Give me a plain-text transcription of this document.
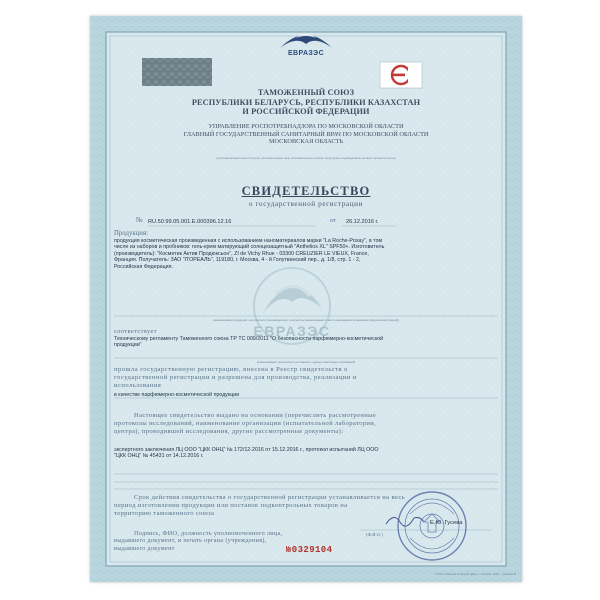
ЕВРАЗЭС
ЕВРАЗЭС
ТАМОЖЕННЫЙ СОЮЗ
РЕСПУБЛИКИ БЕЛАРУСЬ, РЕСПУБЛИКИ КАЗАХСТАН
И РОССИЙСКОЙ ФЕДЕРАЦИИ
УПРАВЛЕНИЕ РОСПОТРЕБНАДЗОРА ПО МОСКОВСКОЙ ОБЛАСТИ
ГЛАВНЫЙ ГОСУДАРСТВЕННЫЙ САНИТАРНЫЙ ВРАЧ ПО МОСКОВСКОЙ ОБЛАСТИ
МОСКОВСКАЯ ОБЛАСТЬ
(уполномоченный орган Стороны, уполномоченное лицо уполномоченного органа, структурное подразделение органа и органа Стороны)
СВИДЕТЕЛЬСТВО
о государственной регистрации
№ RU.50.99.05.001.E.000396.12.16	от 26.12.2016 г.
Продукция:
продукция косметическая произведенная с использованием наноматериалов марки "La Roche-Posay", в том
числе из наборов и пробников: гель-крем матирующий солнцезащитный "Anthelios XL" SPF50+. Изготовитель
(производитель): "Косметик Актив Продюксьон", ZI de Vichy Rhue - 03300 CREUZIER LE VIEUX, France,
Франция. Получатель: ЗАО "Л'ОРЕАЛЬ", 119180, г. Москва, 4 - й Голутвинский пер., д. 1/8, стр. 1 - 2,
Российская Федерация.
(наименование продукции, изготовитель (производитель), получатель (наименование и место нахождения организации (юридический адрес)))
соответствует
Техническому регламенту Таможенного союза ТР ТС 009/2011 "О безопасности парфюмерно-косметической
продукции"
(наименование технического регламента / единых санитарных требований)
прошла государственную регистрацию, внесена в Реестр свидетельств о
государственной регистрации и разрешена для производства, реализации и
использования
в качестве парфюмерно-косметической продукции
Настоящее свидетельство выдано на основании (перечислить рассмотренные
протоколы исследований, наименование организации (испытательной лаборатории,
центра), проводившей исследования, другие рассмотренные документы):
экспертного заключения ЛЦ ООО "ЦКК ОНЦ" № 172/12-2016 от 15.12.2016 г., протокол испытаний ЛЦ ООО
"ЦКК ОНЦ" № 45431 от 14.12.2016 г.
Срок действия свидетельства о государственной регистрации устанавливается на весь
период изготовления продукции или поставок подконтрольных товаров на
территорию таможенного союза
Подпись, ФИО, должность уполномоченного лица,
выдавшего документ, и печать органа (учреждения),
выдавшего документ
Е.Ю. Гусева
(Ф.И.О.)
№0329104
© ООО «Первый печатный двор», г. Москва, 2013 г., уровень Ф
